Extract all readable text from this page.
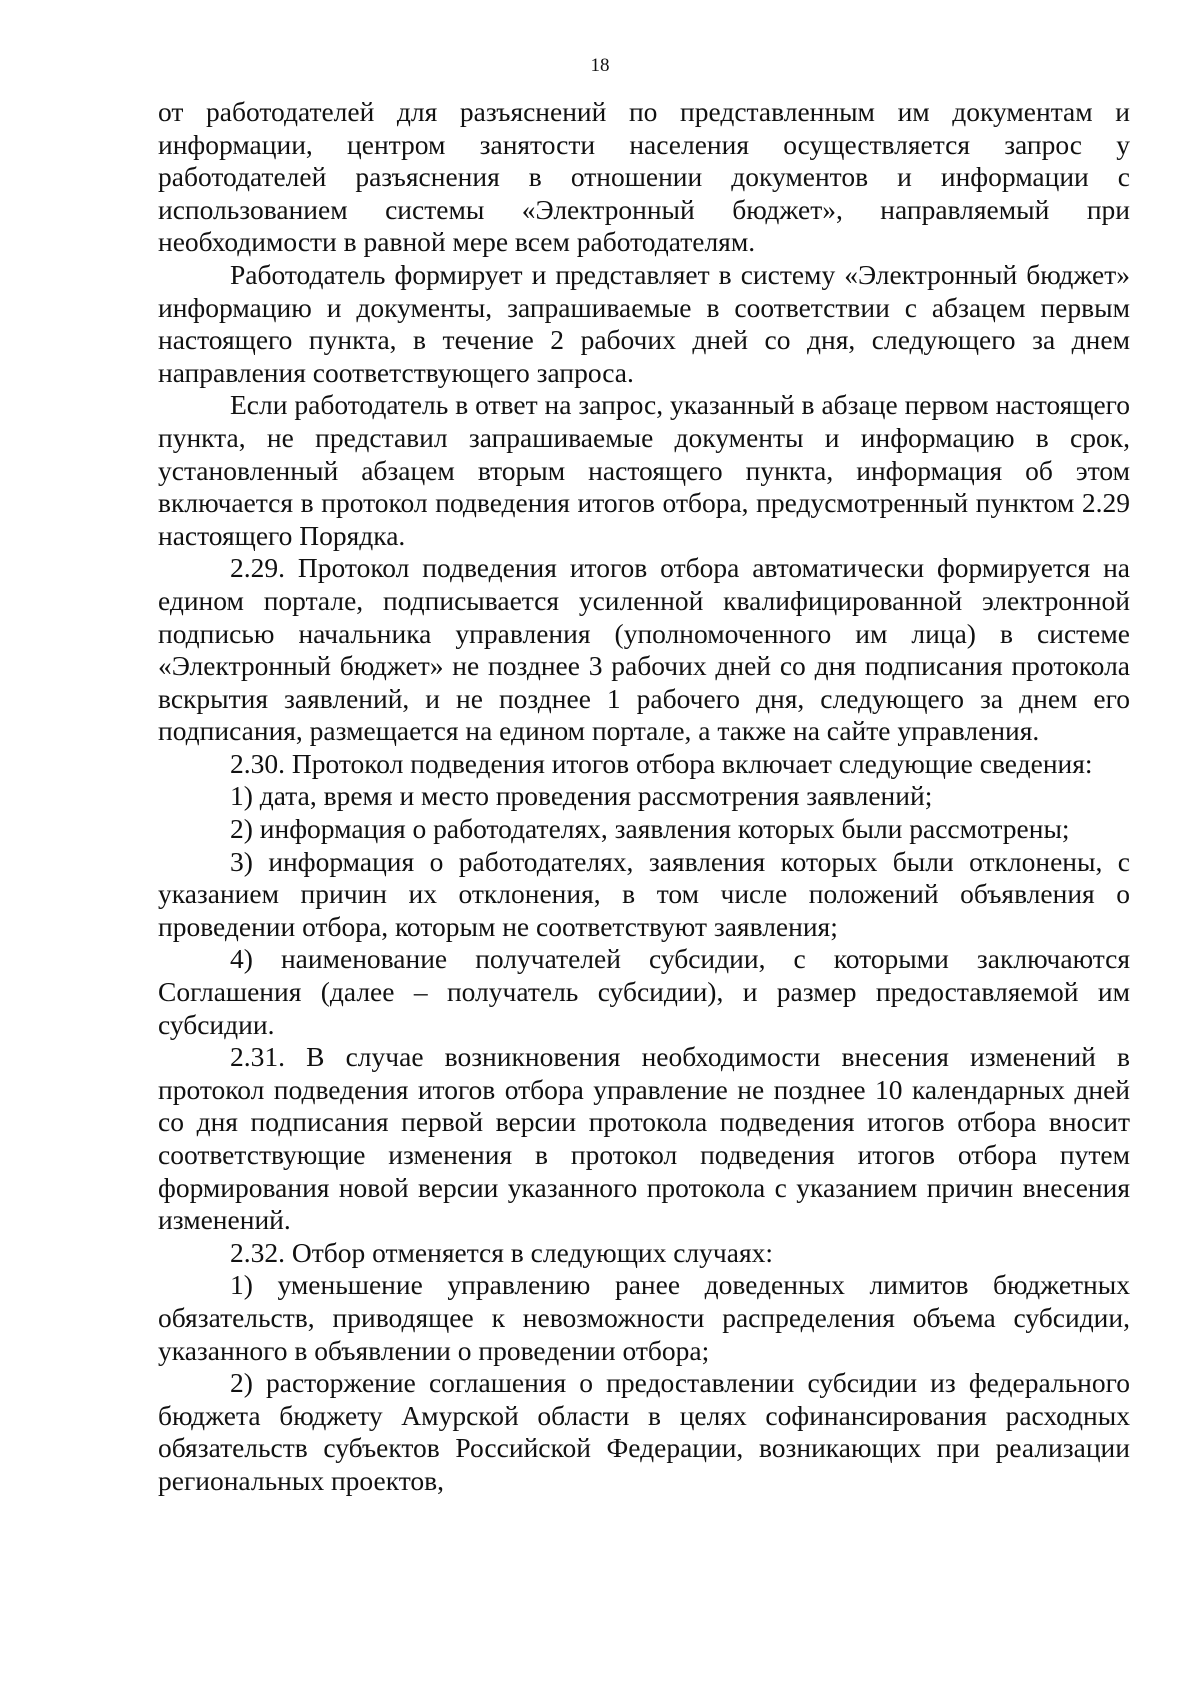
18

от работодателей для разъяснений по представленным им документам и информации, центром занятости населения осуществляется запрос у работодателей разъяснения в отношении документов и информации с использованием системы «Электронный бюджет», направляемый при необходимости в равной мере всем работодателям.

Работодатель формирует и представляет в систему «Электронный бюджет» информацию и документы, запрашиваемые в соответствии с абзацем первым настоящего пункта, в течение 2 рабочих дней со дня, следующего за днем направления соответствующего запроса.

Если работодатель в ответ на запрос, указанный в абзаце первом настоящего пункта, не представил запрашиваемые документы и информацию в срок, установленный абзацем вторым настоящего пункта, информация об этом включается в протокол подведения итогов отбора, предусмотренный пунктом 2.29 настоящего Порядка.

2.29. Протокол подведения итогов отбора автоматически формируется на едином портале, подписывается усиленной квалифицированной электронной подписью начальника управления (уполномоченного им лица) в системе «Электронный бюджет» не позднее 3 рабочих дней со дня подписания протокола вскрытия заявлений, и не позднее 1 рабочего дня, следующего за днем его подписания, размещается на едином портале, а также на сайте управления.

2.30. Протокол подведения итогов отбора включает следующие сведения:

1) дата, время и место проведения рассмотрения заявлений;

2) информация о работодателях, заявления которых были рассмотрены;

3) информация о работодателях, заявления которых были отклонены, с указанием причин их отклонения, в том числе положений объявления о проведении отбора, которым не соответствуют заявления;

4) наименование получателей субсидии, с которыми заключаются Соглашения (далее – получатель субсидии), и размер предоставляемой им субсидии.

2.31. В случае возникновения необходимости внесения изменений в протокол подведения итогов отбора управление не позднее 10 календарных дней со дня подписания первой версии протокола подведения итогов отбора вносит соответствующие изменения в протокол подведения итогов отбора путем формирования новой версии указанного протокола с указанием причин внесения изменений.

2.32. Отбор отменяется в следующих случаях:

1) уменьшение управлению ранее доведенных лимитов бюджетных обязательств, приводящее к невозможности распределения объема субсидии, указанного в объявлении о проведении отбора;

2) расторжение соглашения о предоставлении субсидии из федерального бюджета бюджету Амурской области в целях софинансирования расходных обязательств субъектов Российской Федерации, возникающих при реализации региональных проектов,
